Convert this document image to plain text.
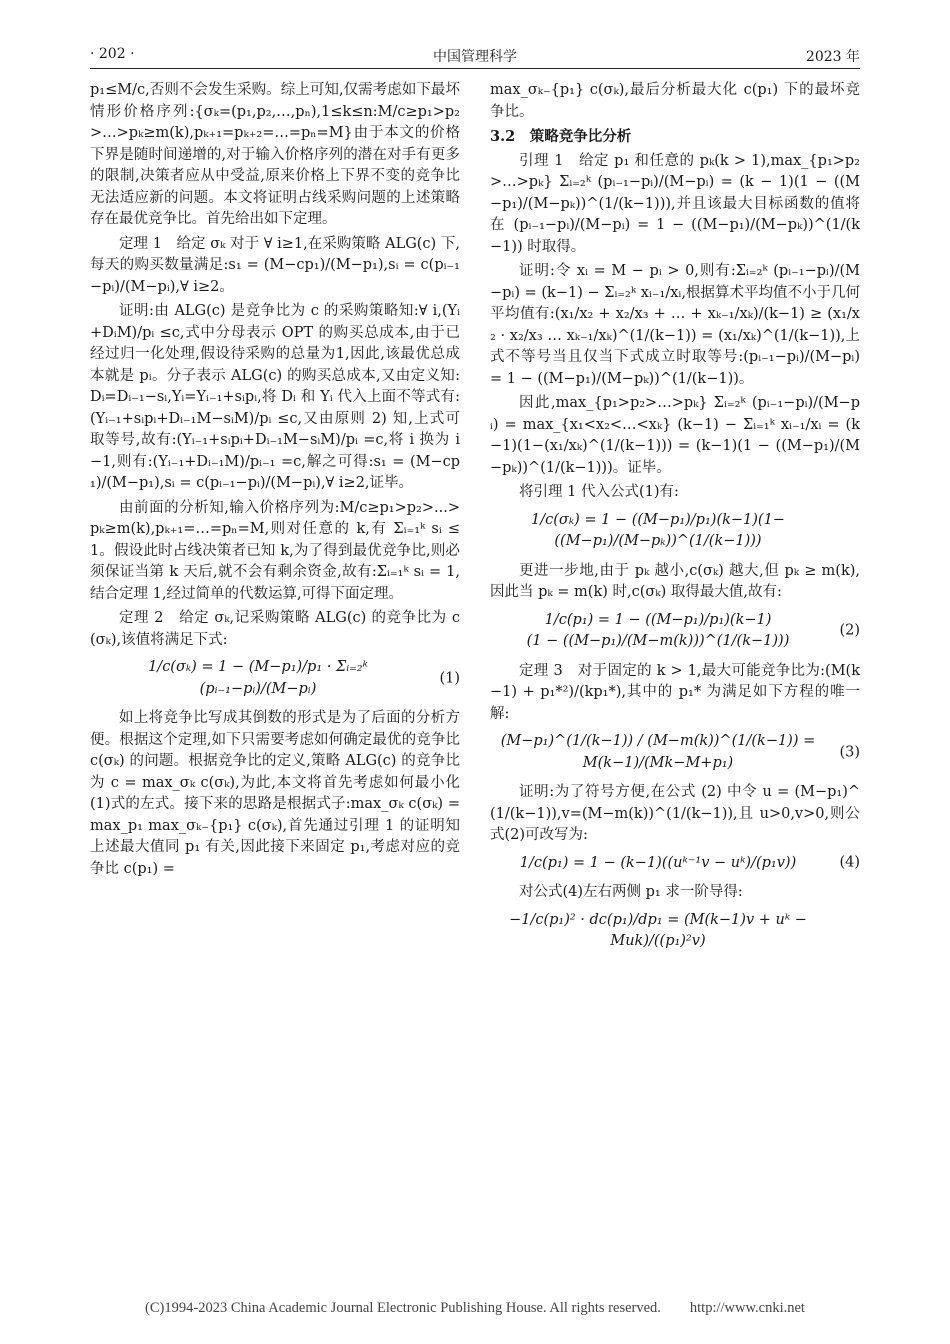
· 202 ·	中国管理科学	2023 年

p₁≤M/c,否则不会发生采购。综上可知,仅需考虑如下最坏情形价格序列:{σₖ=(p₁,p₂,…,pₙ),1≤k≤n:M/c≥p₁>p₂>…>pₖ≥m(k),pₖ₊₁=pₖ₊₂=…=pₙ=M}由于本文的价格下界是随时间递增的,对于输入价格序列的潜在对手有更多的限制,决策者应从中受益,原来价格上下界不变的竞争比无法适应新的问题。本文将证明占线采购问题的上述策略存在最优竞争比。首先给出如下定理。

定理 1　给定 σₖ 对于 ∀ i≥1,在采购策略 ALG(c) 下,每天的购买数量满足:s₁ = (M−cp₁)/(M−p₁),sᵢ = c(pᵢ₋₁−pᵢ)/(M−pᵢ),∀ i≥2。

证明:由 ALG(c) 是竞争比为 c 的采购策略知:∀ i,(Yᵢ+DᵢM)/pᵢ ≤c,式中分母表示 OPT 的购买总成本,由于已经过归一化处理,假设待采购的总量为1,因此,该最优总成本就是 pᵢ。分子表示 ALG(c) 的购买总成本,又由定义知:Dᵢ=Dᵢ₋₁−sᵢ,Yᵢ=Yᵢ₋₁+sᵢpᵢ,将 Dᵢ 和 Yᵢ 代入上面不等式有:(Yᵢ₋₁+sᵢpᵢ+Dᵢ₋₁M−sᵢM)/pᵢ ≤c,又由原则 2) 知,上式可取等号,故有:(Yᵢ₋₁+sᵢpᵢ+Dᵢ₋₁M−sᵢM)/pᵢ =c,将 i 换为 i−1,则有:(Yᵢ₋₁+Dᵢ₋₁M)/pᵢ₋₁ =c,解之可得:s₁ = (M−cp₁)/(M−p₁),sᵢ = c(pᵢ₋₁−pᵢ)/(M−pᵢ),∀ i≥2,证毕。

由前面的分析知,输入价格序列为:M/c≥p₁>p₂>...>pₖ≥m(k),pₖ₊₁=…=pₙ=M,则对任意的 k,有 Σᵢ₌₁ᵏ sᵢ ≤ 1。假设此时占线决策者已知 k,为了得到最优竞争比,则必须保证当第 k 天后,就不会有剩余资金,故有:Σᵢ₌₁ᵏ sᵢ = 1,结合定理 1,经过简单的代数运算,可得下面定理。

定理 2　给定 σₖ,记采购策略 ALG(c) 的竞争比为 c(σₖ),该值将满足下式:

1/c(σₖ) = 1 − (M−p₁)/p₁ · Σᵢ₌₂ᵏ (pᵢ₋₁−pᵢ)/(M−pᵢ)
(1)

如上将竞争比写成其倒数的形式是为了后面的分析方便。根据这个定理,如下只需要考虑如何确定最优的竞争比 c(σₖ) 的问题。根据竞争比的定义,策略 ALG(c) 的竞争比为 c = max_σₖ c(σₖ),为此,本文将首先考虑如何最小化(1)式的左式。接下来的思路是根据式子:max_σₖ c(σₖ) = max_p₁ max_σₖ₋{p₁} c(σₖ),首先通过引理 1 的证明知上述最大值同 p₁ 有关,因此接下来固定 p₁,考虑对应的竞争比 c(p₁) =

max_σₖ₋{p₁} c(σₖ),最后分析最大化 c(p₁) 下的最坏竞争比。

3.2　策略竞争比分析

引理 1　给定 p₁ 和任意的 pₖ(k > 1),max_{p₁>p₂>…>pₖ} Σᵢ₌₂ᵏ (pᵢ₋₁−pᵢ)/(M−pᵢ) = (k − 1)(1 − ((M−p₁)/(M−pₖ))^(1/(k−1))),并且该最大目标函数的值将在 (pᵢ₋₁−pᵢ)/(M−pᵢ) = 1 − ((M−p₁)/(M−pₖ))^(1/(k−1)) 时取得。

证明:令 xᵢ = M − pᵢ > 0,则有:Σᵢ₌₂ᵏ (pᵢ₋₁−pᵢ)/(M−pᵢ) = (k−1) − Σᵢ₌₂ᵏ xᵢ₋₁/xᵢ,根据算术平均值不小于几何平均值有:(x₁/x₂ + x₂/x₃ + … + xₖ₋₁/xₖ)/(k−1) ≥ (x₁/x₂ · x₂/x₃ … xₖ₋₁/xₖ)^(1/(k−1)) = (x₁/xₖ)^(1/(k−1)),上式不等号当且仅当下式成立时取等号:(pᵢ₋₁−pᵢ)/(M−pᵢ) = 1 − ((M−p₁)/(M−pₖ))^(1/(k−1))。

因此,max_{p₁>p₂>…>pₖ} Σᵢ₌₂ᵏ (pᵢ₋₁−pᵢ)/(M−pᵢ) = max_{x₁<x₂<…<xₖ} (k−1) − Σᵢ₌₁ᵏ xᵢ₋₁/xᵢ = (k−1)(1−(x₁/xₖ)^(1/(k−1))) = (k−1)(1 − ((M−p₁)/(M−pₖ))^(1/(k−1)))。证毕。

将引理 1 代入公式(1)有:

1/c(σₖ) = 1 − ((M−p₁)/p₁)(k−1)(1−((M−p₁)/(M−pₖ))^(1/(k−1)))

更进一步地,由于 pₖ 越小,c(σₖ) 越大,但 pₖ ≥ m(k),因此当 pₖ = m(k) 时,c(σₖ) 取得最大值,故有:

1/c(p₁) = 1 − ((M−p₁)/p₁)(k−1)
(1 − ((M−p₁)/(M−m(k)))^(1/(k−1)))
(2)

定理 3　对于固定的 k > 1,最大可能竞争比为:(M(k−1) + p₁*²)/(kp₁*),其中的 p₁* 为满足如下方程的唯一解:

(M−p₁)^(1/(k−1)) / (M−m(k))^(1/(k−1)) = M(k−1)/(Mk−M+p₁)
(3)

证明:为了符号方便,在公式 (2) 中令 u = (M−p₁)^(1/(k−1)),v=(M−m(k))^(1/(k−1)),且 u>0,v>0,则公式(2)可改写为:

1/c(p₁) = 1 − (k−1)((uᵏ⁻¹v − uᵏ)/(p₁v))	(4)

对公式(4)左右两侧 p₁ 求一阶导得:

−1/c(p₁)² · dc(p₁)/dp₁ = (M(k−1)v + uᵏ − Muk)/((p₁)²v)
(C)1994-2023 China Academic Journal Electronic Publishing House. All rights reserved.　　http://www.cnki.net
